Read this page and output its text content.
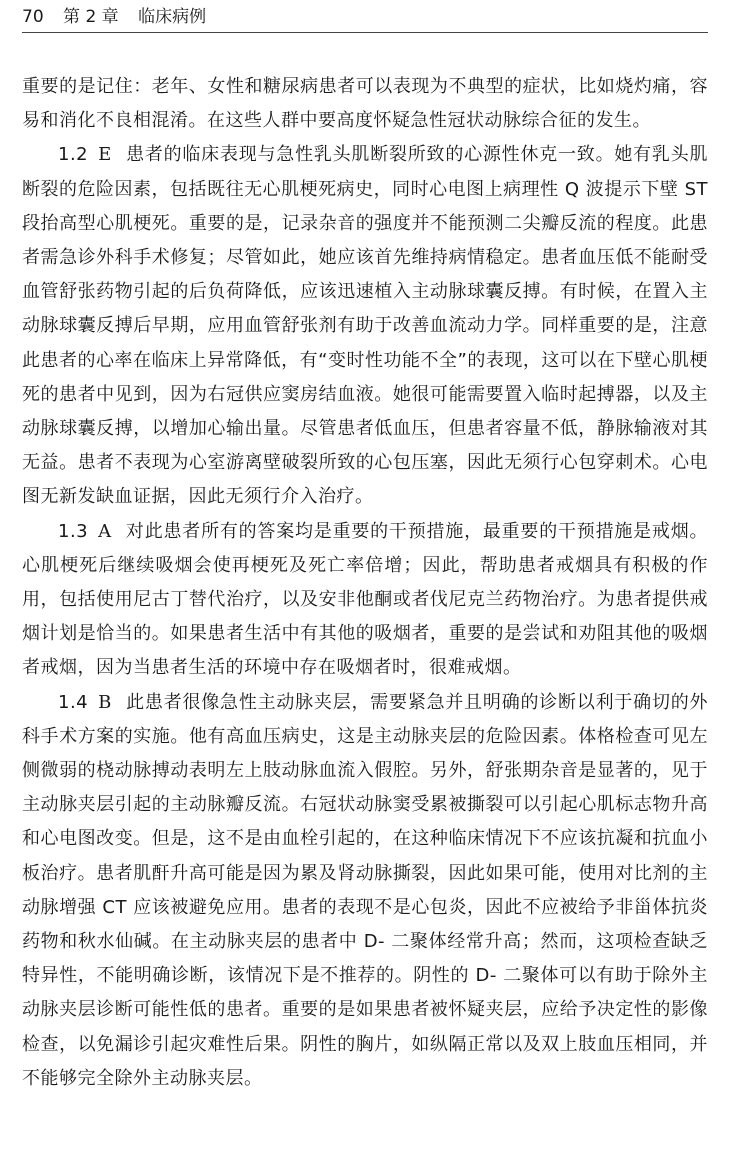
70 第 2 章 临床病例

重要的是记住：老年、女性和糖尿病患者可以表现为不典型的症状，比如烧灼痛，容易和消化不良相混淆。在这些人群中要高度怀疑急性冠状动脉综合征的发生。

1.2 E 患者的临床表现与急性乳头肌断裂所致的心源性休克一致。她有乳头肌断裂的危险因素，包括既往无心肌梗死病史，同时心电图上病理性 Q 波提示下壁 ST 段抬高型心肌梗死。重要的是，记录杂音的强度并不能预测二尖瓣反流的程度。此患者需急诊外科手术修复；尽管如此，她应该首先维持病情稳定。患者血压低不能耐受血管舒张药物引起的后负荷降低，应该迅速植入主动脉球囊反搏。有时候，在置入主动脉球囊反搏后早期，应用血管舒张剂有助于改善血流动力学。同样重要的是，注意此患者的心率在临床上异常降低，有“变时性功能不全”的表现，这可以在下壁心肌梗死的患者中见到，因为右冠供应窦房结血液。她很可能需要置入临时起搏器，以及主动脉球囊反搏，以增加心输出量。尽管患者低血压，但患者容量不低，静脉输液对其无益。患者不表现为心室游离壁破裂所致的心包压塞，因此无须行心包穿刺术。心电图无新发缺血证据，因此无须行介入治疗。

1.3 A 对此患者所有的答案均是重要的干预措施，最重要的干预措施是戒烟。心肌梗死后继续吸烟会使再梗死及死亡率倍增；因此，帮助患者戒烟具有积极的作用，包括使用尼古丁替代治疗，以及安非他酮或者伐尼克兰药物治疗。为患者提供戒烟计划是恰当的。如果患者生活中有其他的吸烟者，重要的是尝试和劝阻其他的吸烟者戒烟，因为当患者生活的环境中存在吸烟者时，很难戒烟。

1.4 B 此患者很像急性主动脉夹层，需要紧急并且明确的诊断以利于确切的外科手术方案的实施。他有高血压病史，这是主动脉夹层的危险因素。体格检查可见左侧微弱的桡动脉搏动表明左上肢动脉血流入假腔。另外，舒张期杂音是显著的，见于主动脉夹层引起的主动脉瓣反流。右冠状动脉窦受累被撕裂可以引起心肌标志物升高和心电图改变。但是，这不是由血栓引起的，在这种临床情况下不应该抗凝和抗血小板治疗。患者肌酐升高可能是因为累及肾动脉撕裂，因此如果可能，使用对比剂的主动脉增强 CT 应该被避免应用。患者的表现不是心包炎，因此不应被给予非甾体抗炎药物和秋水仙碱。在主动脉夹层的患者中 D- 二聚体经常升高；然而，这项检查缺乏特异性，不能明确诊断，该情况下是不推荐的。阴性的 D- 二聚体可以有助于除外主动脉夹层诊断可能性低的患者。重要的是如果患者被怀疑夹层，应给予决定性的影像检查，以免漏诊引起灾难性后果。阴性的胸片，如纵隔正常以及双上肢血压相同，并不能够完全除外主动脉夹层。
